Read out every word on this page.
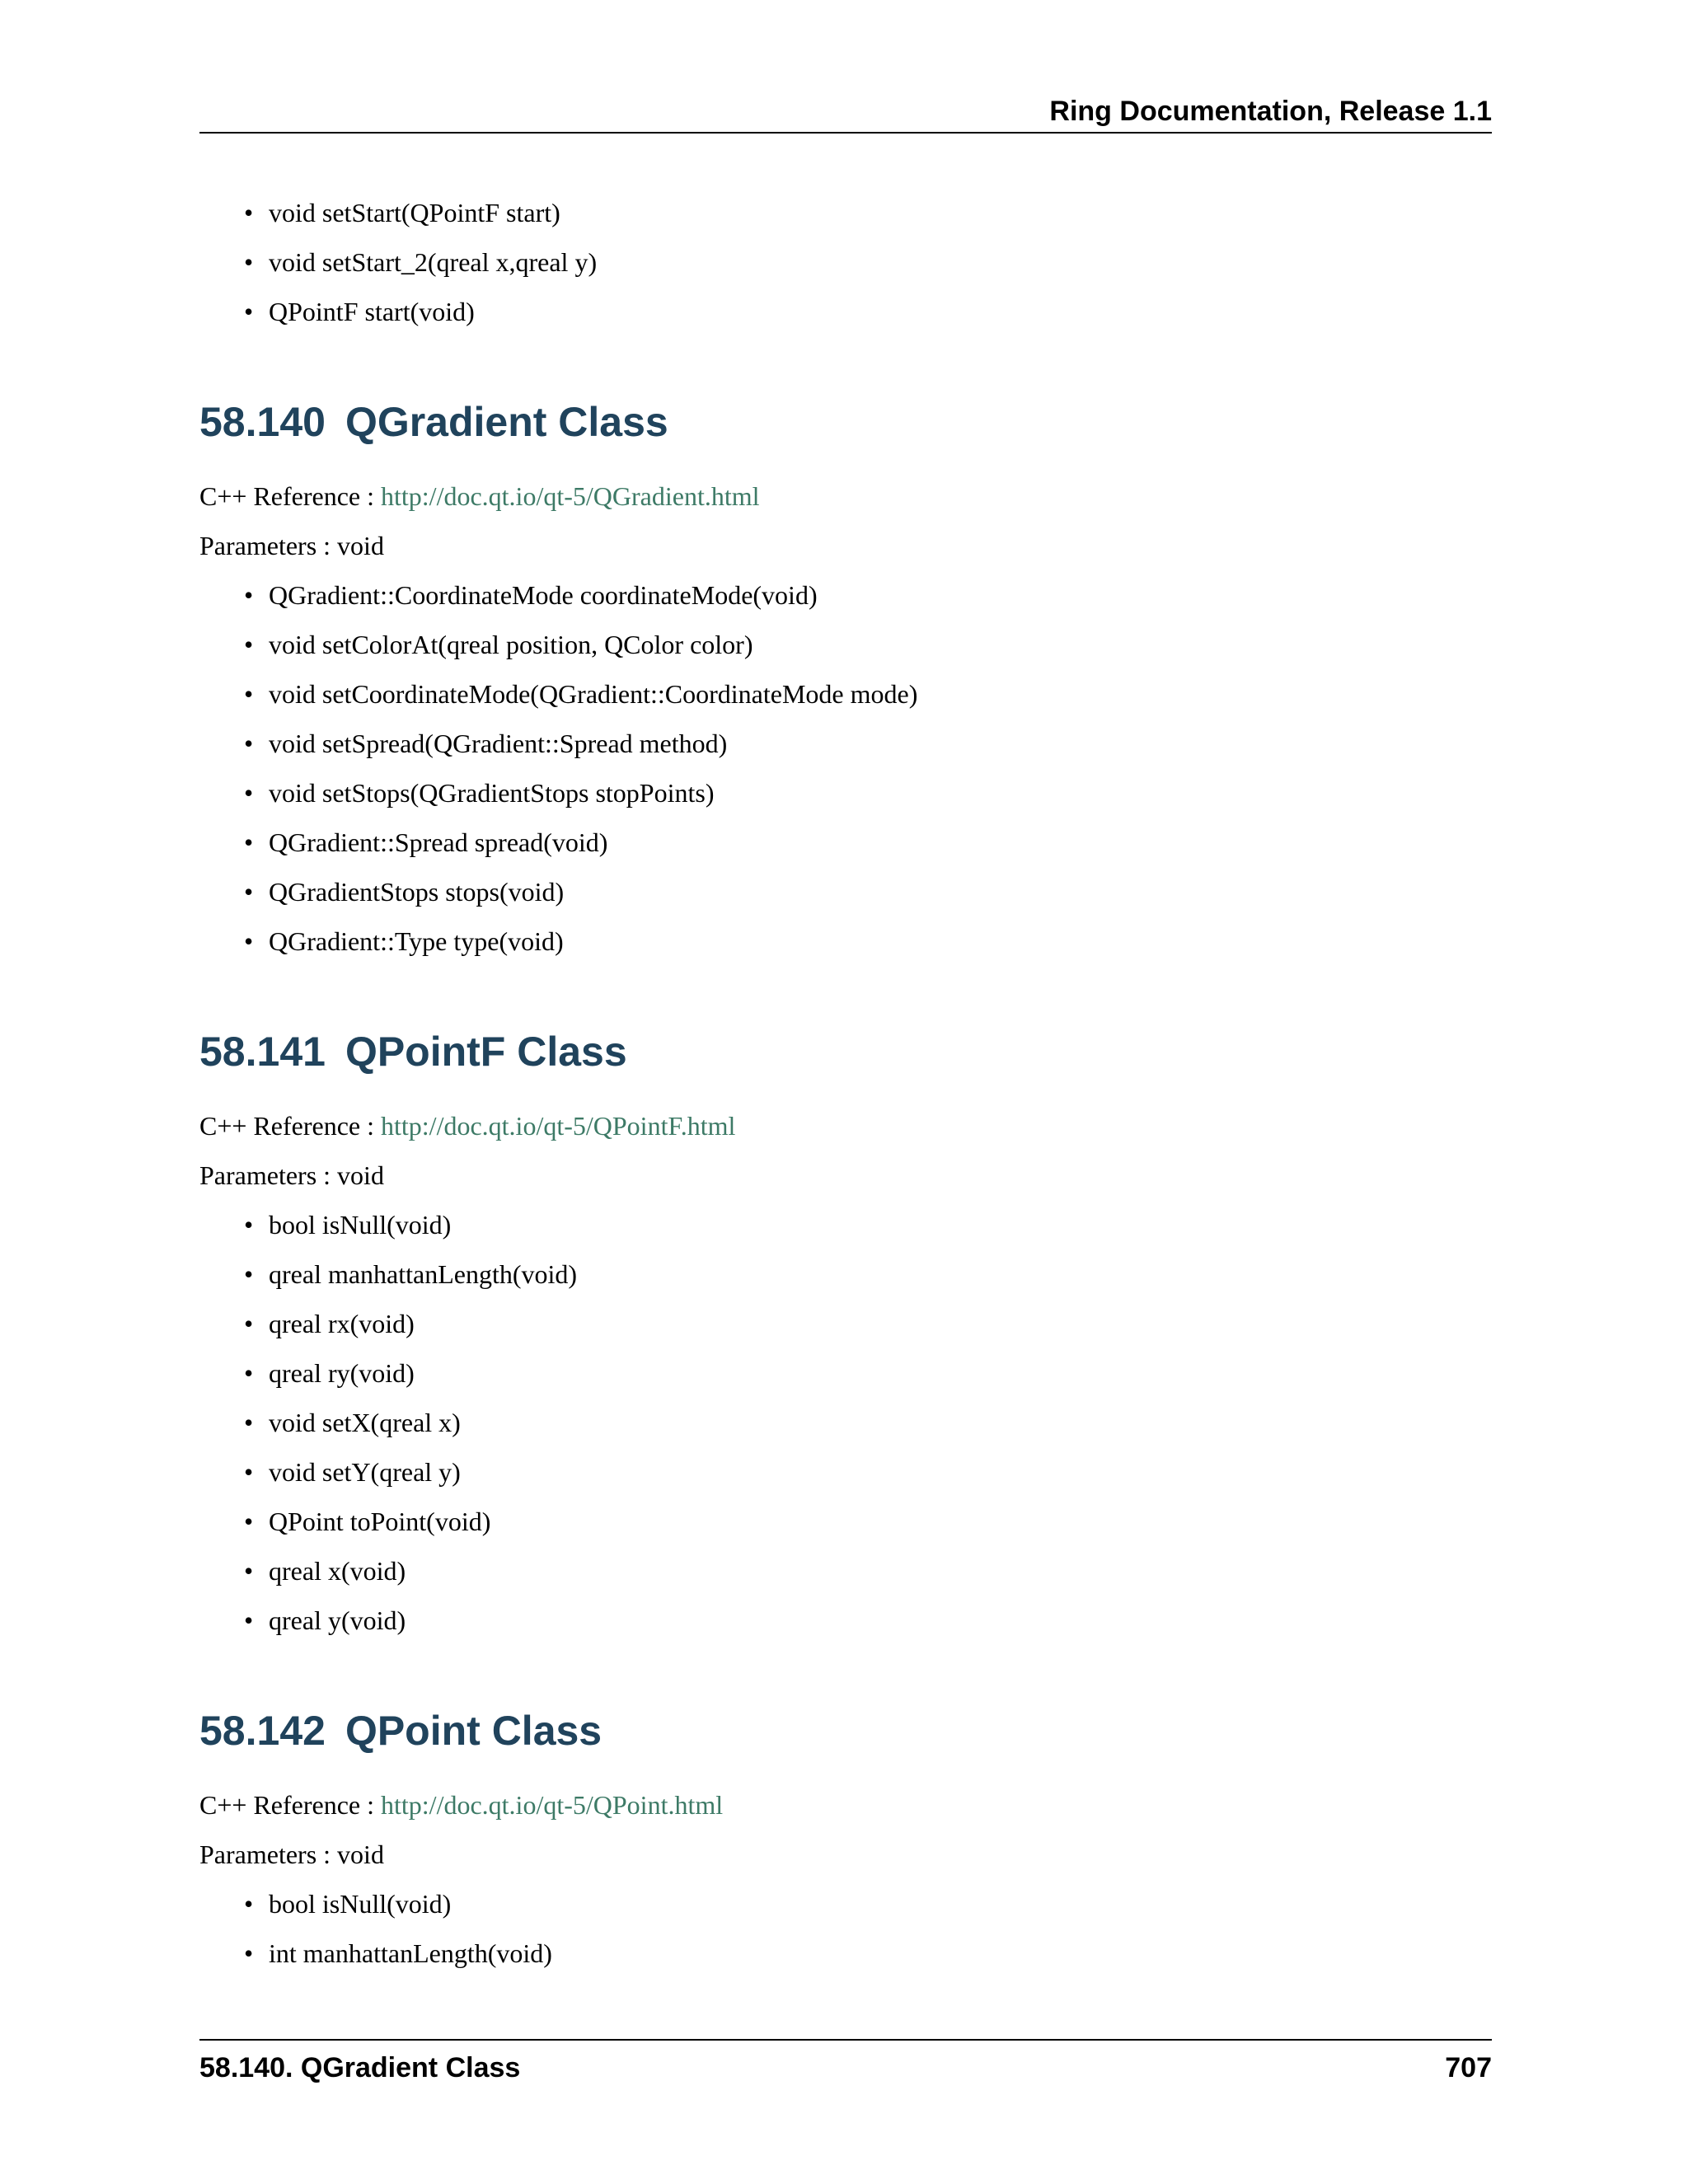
Ring Documentation, Release 1.1
• void setStart(QPointF start)
• void setStart_2(qreal x,qreal y)
• QPointF start(void)
58.140 QGradient Class

C++ Reference : http://doc.qt.io/qt-5/QGradient.html

Parameters : void

• QGradient::CoordinateMode coordinateMode(void)
• void setColorAt(qreal position, QColor color)
• void setCoordinateMode(QGradient::CoordinateMode mode)
• void setSpread(QGradient::Spread method)
• void setStops(QGradientStops stopPoints)
• QGradient::Spread spread(void)
• QGradientStops stops(void)
• QGradient::Type type(void)
58.141 QPointF Class

C++ Reference : http://doc.qt.io/qt-5/QPointF.html

Parameters : void

• bool isNull(void)
• qreal manhattanLength(void)
• qreal rx(void)
• qreal ry(void)
• void setX(qreal x)
• void setY(qreal y)
• QPoint toPoint(void)
• qreal x(void)
• qreal y(void)
58.142 QPoint Class

C++ Reference : http://doc.qt.io/qt-5/QPoint.html

Parameters : void

• bool isNull(void)
• int manhattanLength(void)
58.140. QGradient Class	707
